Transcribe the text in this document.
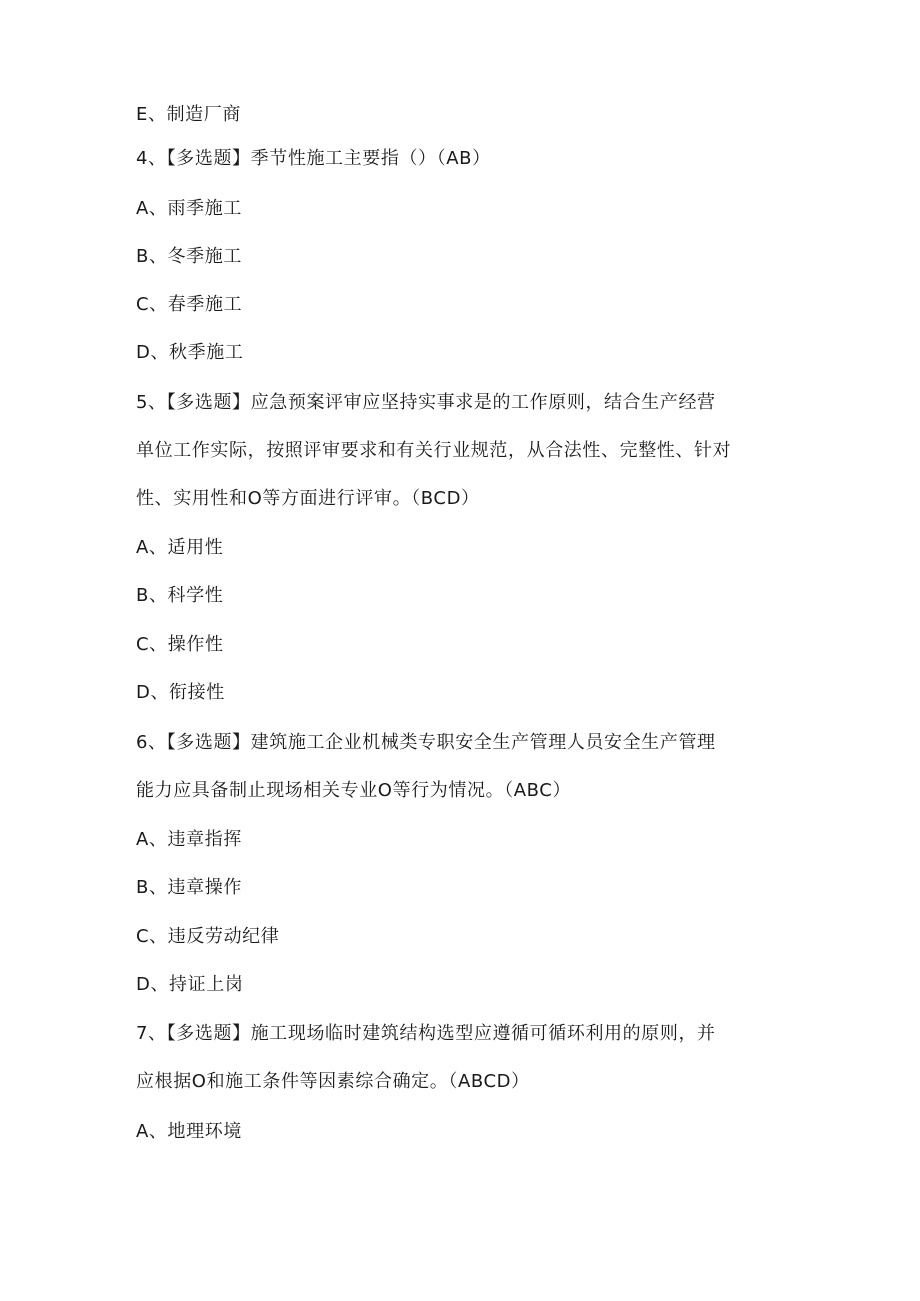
E、制造厂商
4、【多选题】季节性施工主要指（）（AB）
A、雨季施工
B、冬季施工
C、春季施工
D、秋季施工
5、【多选题】应急预案评审应坚持实事求是的工作原则，结合生产经营
单位工作实际，按照评审要求和有关行业规范，从合法性、完整性、针对
性、实用性和O等方面进行评审。（BCD）
A、适用性
B、科学性
C、操作性
D、衔接性
6、【多选题】建筑施工企业机械类专职安全生产管理人员安全生产管理
能力应具备制止现场相关专业O等行为情况。（ABC）
A、违章指挥
B、违章操作
C、违反劳动纪律
D、持证上岗
7、【多选题】施工现场临时建筑结构选型应遵循可循环利用的原则，并
应根据O和施工条件等因素综合确定。（ABCD）
A、地理环境
